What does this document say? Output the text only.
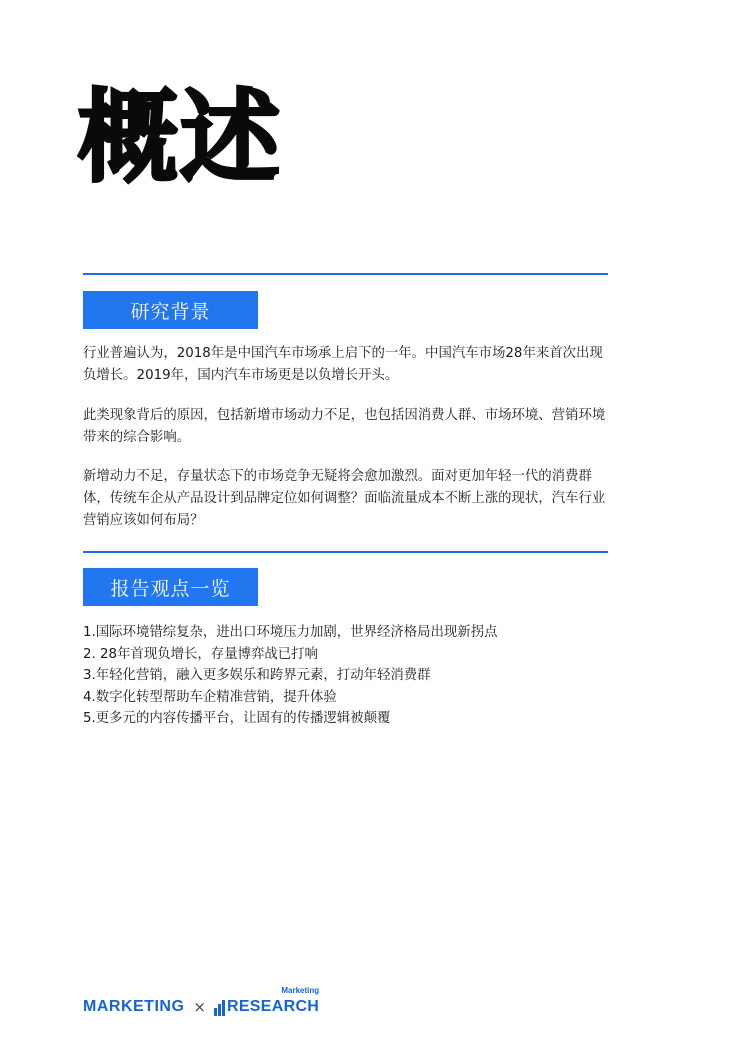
概述
研究背景

行业普遍认为，2018年是中国汽车市场承上启下的一年。中国汽车市场28年来首次出现负增长。2019年，国内汽车市场更是以负增长开头。

此类现象背后的原因，包括新增市场动力不足，也包括因消费人群、市场环境、营销环境带来的综合影响。

新增动力不足，存量状态下的市场竞争无疑将会愈加激烈。面对更加年轻一代的消费群体，传统车企从产品设计到品牌定位如何调整？面临流量成本不断上涨的现状，汽车行业营销应该如何布局？

报告观点一览
1.国际环境错综复杂，进出口环境压力加剧，世界经济格局出现新拐点
2. 28年首现负增长，存量博弈战已打响
3.年轻化营销，融入更多娱乐和跨界元素，打动年轻消费群
4.数字化转型帮助车企精准营销，提升体验
5.更多元的内容传播平台，让固有的传播逻辑被颠覆
MARKETING × RESEARCH
Marketing
